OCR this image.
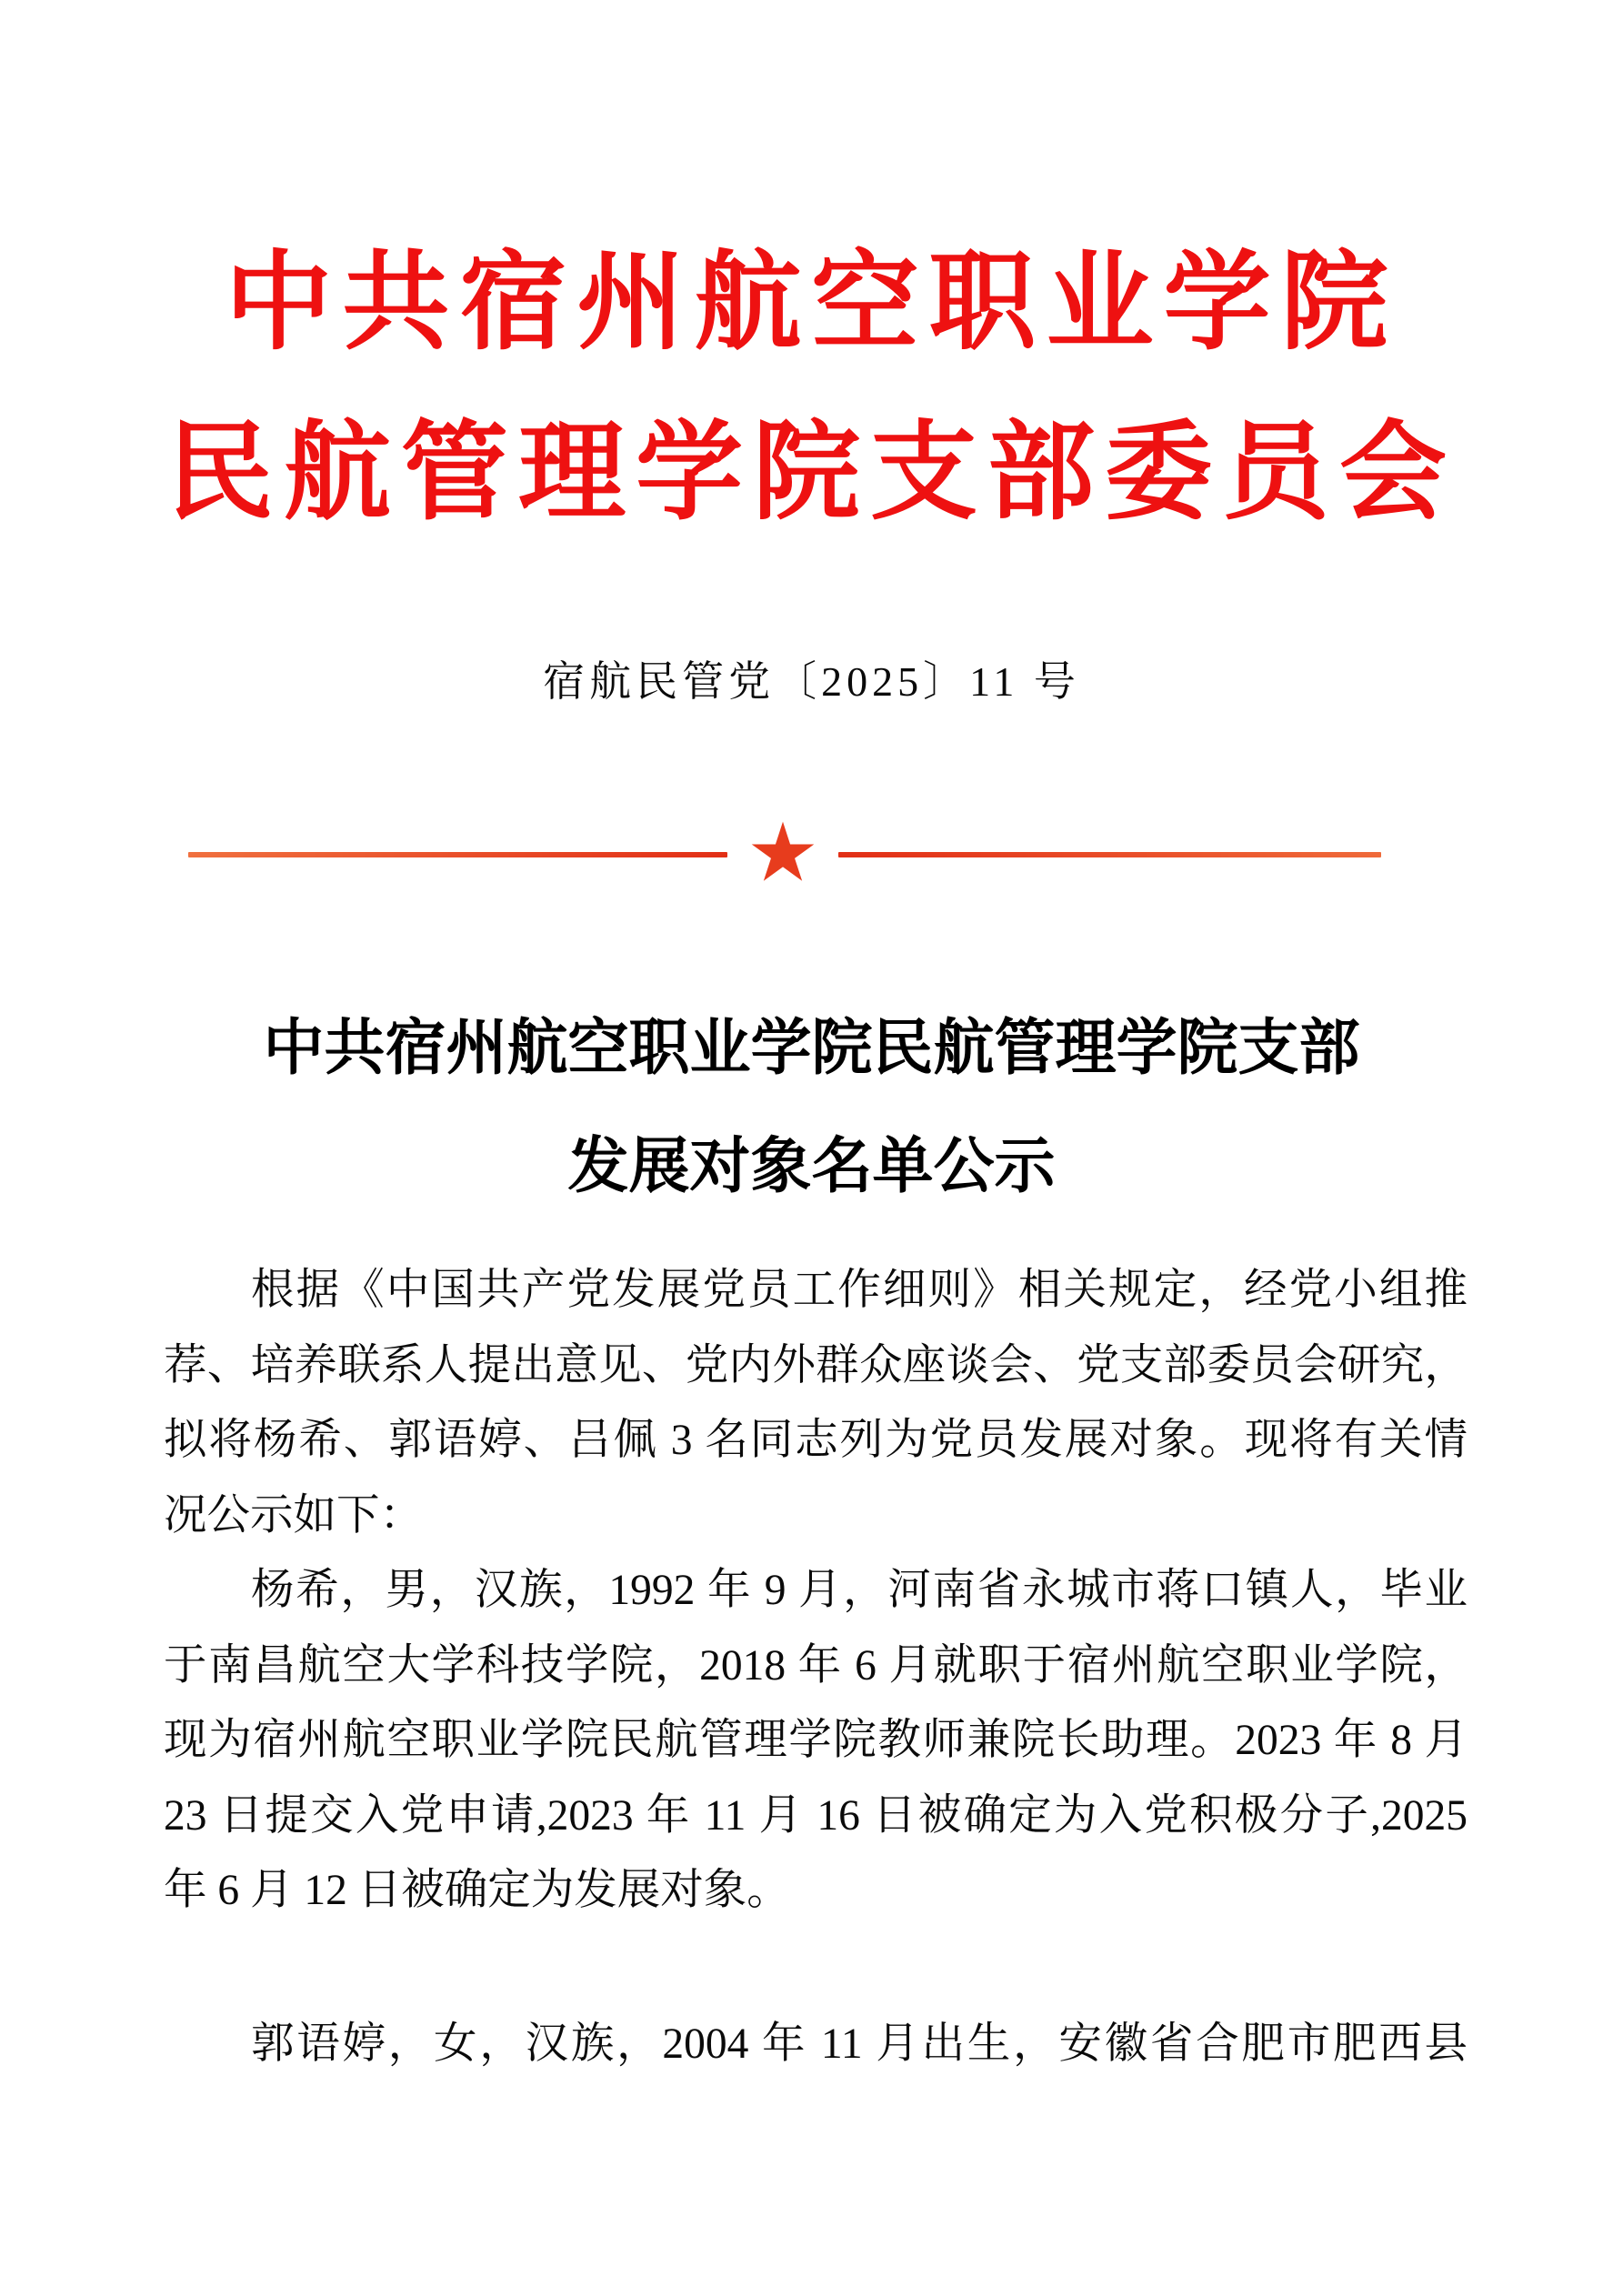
中共宿州航空职业学院
民航管理学院支部委员会
宿航民管党〔2025〕11 号
中共宿州航空职业学院民航管理学院支部
发展对象名单公示
根据《中国共产党发展党员工作细则》相关规定，经党小组推
荐、培养联系人提出意见、党内外群众座谈会、党支部委员会研究，
拟将杨希、郭语婷、吕佩 3 名同志列为党员发展对象。现将有关情
况公示如下：
杨希，男，汉族，1992 年 9 月，河南省永城市蒋口镇人，毕业
于南昌航空大学科技学院，2018 年 6 月就职于宿州航空职业学院，
现为宿州航空职业学院民航管理学院教师兼院长助理。2023 年 8 月
23 日提交入党申请,2023 年 11 月 16 日被确定为入党积极分子,2025
年 6 月 12 日被确定为发展对象。
郭语婷，女，汉族，2004 年 11 月出生，安徽省合肥市肥西县
